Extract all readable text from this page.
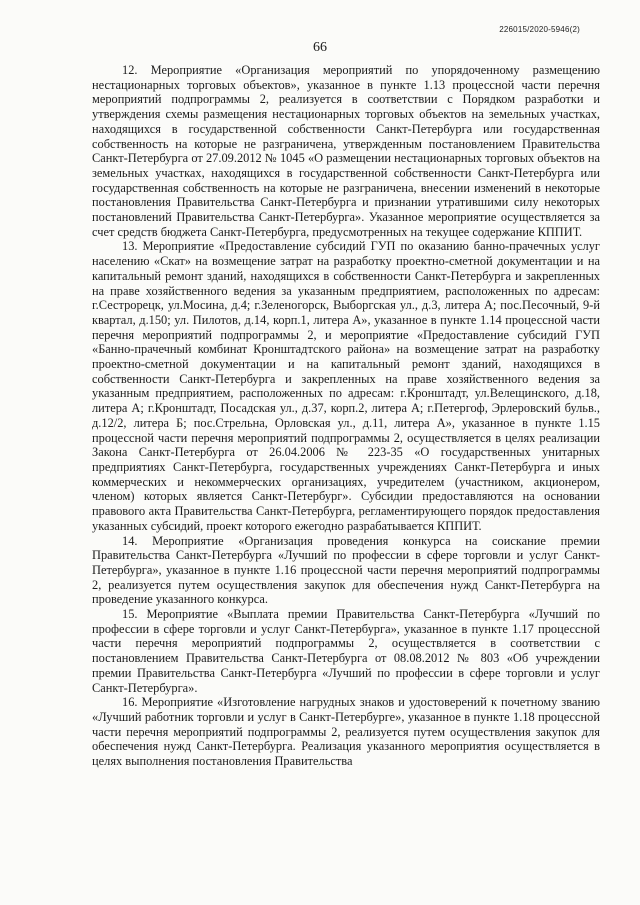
226015/2020-5946(2)
66

12. Мероприятие «Организация мероприятий по упорядоченному размещению нестационарных торговых объектов», указанное в пункте 1.13 процессной части перечня мероприятий подпрограммы 2, реализуется в соответствии с Порядком разработки и утверждения схемы размещения нестационарных торговых объектов на земельных участках, находящихся в государственной собственности Санкт-Петербурга или государственная собственность на которые не разграничена, утвержденным постановлением Правительства Санкт-Петербурга от 27.09.2012 № 1045 «О размещении нестационарных торговых объектов на земельных участках, находящихся в государственной собственности Санкт-Петербурга или государственная собственность на которые не разграничена, внесении изменений в некоторые постановления Правительства Санкт-Петербурга и признании утратившими силу некоторых постановлений Правительства Санкт-Петербурга». Указанное мероприятие осуществляется за счет средств бюджета Санкт-Петербурга, предусмотренных на текущее содержание КППИТ.

13. Мероприятие «Предоставление субсидий ГУП по оказанию банно-прачечных услуг населению «Скат» на возмещение затрат на разработку проектно-сметной документации и на капитальный ремонт зданий, находящихся в собственности Санкт-Петербурга и закрепленных на праве хозяйственного ведения за указанным предприятием, расположенных по адресам: г.Сестрорецк, ул.Мосина, д.4; г.Зеленогорск, Выборгская ул., д.3, литера А; пос.Песочный, 9-й квартал, д.150; ул. Пилотов, д.14, корп.1, литера А», указанное в пункте 1.14 процессной части перечня мероприятий подпрограммы 2, и мероприятие «Предоставление субсидий ГУП «Банно-прачечный комбинат Кронштадтского района» на возмещение затрат на разработку проектно-сметной документации и на капитальный ремонт зданий, находящихся в собственности Санкт-Петербурга и закрепленных на праве хозяйственного ведения за указанным предприятием, расположенных по адресам: г.Кронштадт, ул.Велещинского, д.18, литера А; г.Кронштадт, Посадская ул., д.37, корп.2, литера А; г.Петергоф, Эрлеровский бульв., д.12/2, литера Б; пос.Стрельна, Орловская ул., д.11, литера А», указанное в пункте 1.15 процессной части перечня мероприятий подпрограммы 2, осуществляется в целях реализации Закона Санкт-Петербурга от 26.04.2006 № 223-35 «О государственных унитарных предприятиях Санкт-Петербурга, государственных учреждениях Санкт-Петербурга и иных коммерческих и некоммерческих организациях, учредителем (участником, акционером, членом) которых является Санкт-Петербург». Субсидии предоставляются на основании правового акта Правительства Санкт-Петербурга, регламентирующего порядок предоставления указанных субсидий, проект которого ежегодно разрабатывается КППИТ.

14. Мероприятие «Организация проведения конкурса на соискание премии Правительства Санкт-Петербурга «Лучший по профессии в сфере торговли и услуг Санкт-Петербурга», указанное в пункте 1.16 процессной части перечня мероприятий подпрограммы 2, реализуется путем осуществления закупок для обеспечения нужд Санкт-Петербурга на проведение указанного конкурса.

15. Мероприятие «Выплата премии Правительства Санкт-Петербурга «Лучший по профессии в сфере торговли и услуг Санкт-Петербурга», указанное в пункте 1.17 процессной части перечня мероприятий подпрограммы 2, осуществляется в соответствии с постановлением Правительства Санкт-Петербурга от 08.08.2012 № 803 «Об учреждении премии Правительства Санкт-Петербурга «Лучший по профессии в сфере торговли и услуг Санкт-Петербурга».

16. Мероприятие «Изготовление нагрудных знаков и удостоверений к почетному званию «Лучший работник торговли и услуг в Санкт-Петербурге», указанное в пункте 1.18 процессной части перечня мероприятий подпрограммы 2, реализуется путем осуществления закупок для обеспечения нужд Санкт-Петербурга. Реализация указанного мероприятия осуществляется в целях выполнения постановления Правительства
